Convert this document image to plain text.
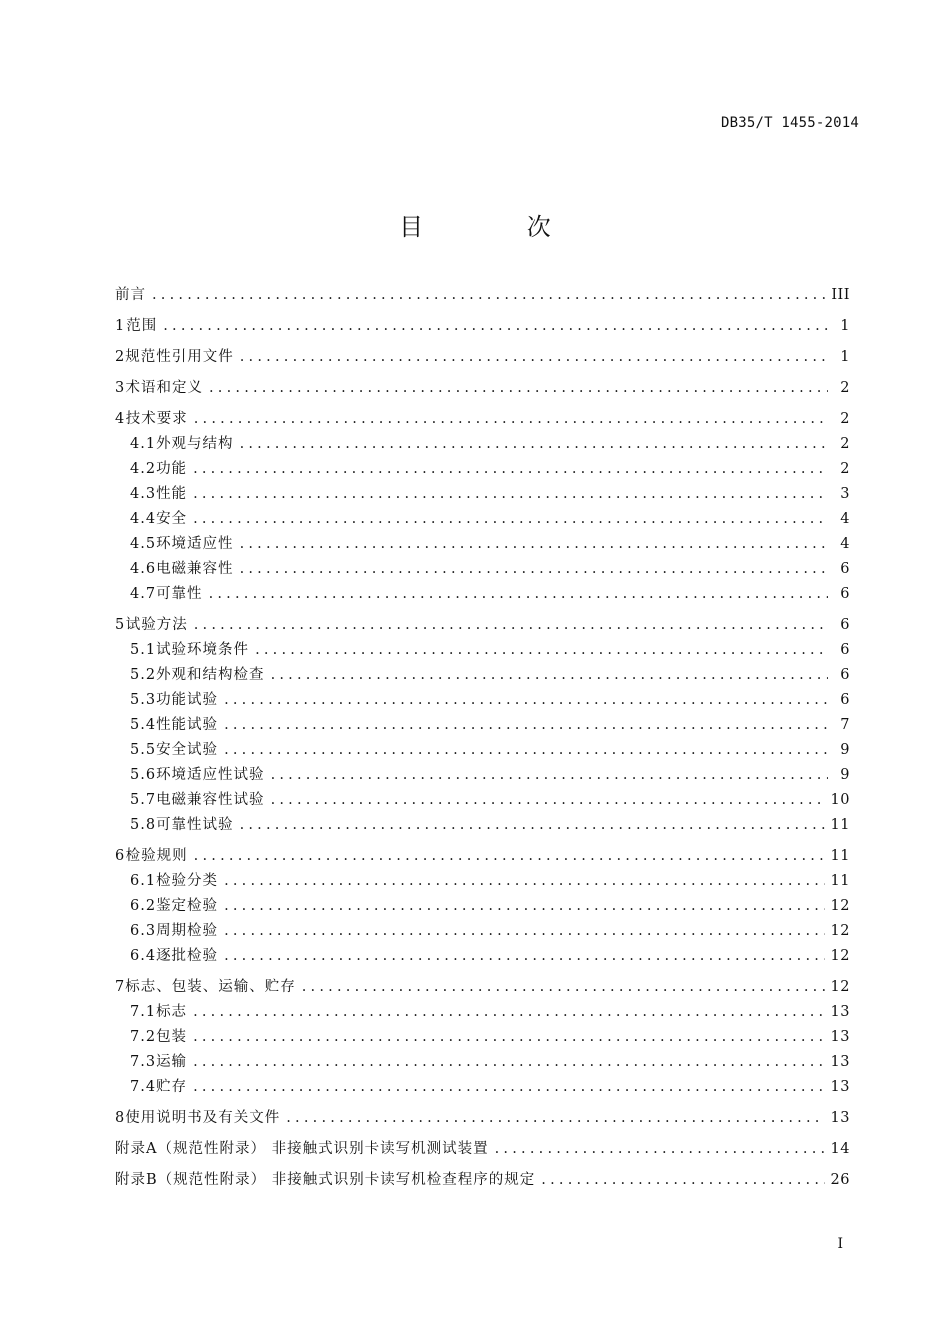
DB35/T 1455-2014
目 次
前言 .....	III
1 范围 .....	1
2 规范性引用文件 .....	1
3 术语和定义 .....	2
4 技术要求 .....	2
4.1 外观与结构 .....	2
4.2 功能 .....	2
4.3 性能 .....	3
4.4 安全 .....	4
4.5 环境适应性 .....	4
4.6 电磁兼容性 .....	6
4.7 可靠性 .....	6
5 试验方法 .....	6
5.1 试验环境条件 .....	6
5.2 外观和结构检查 .....	6
5.3 功能试验 .....	6
5.4 性能试验 .....	7
5.5 安全试验 .....	9
5.6 环境适应性试验 .....	9
5.7 电磁兼容性试验 .....	10
5.8 可靠性试验 .....	11
6 检验规则 .....	11
6.1 检验分类 .....	11
6.2 鉴定检验 .....	12
6.3 周期检验 .....	12
6.4 逐批检验 .....	12
7 标志、包装、运输、贮存 .....	12
7.1 标志 .....	13
7.2 包装 .....	13
7.3 运输 .....	13
7.4 贮存 .....	13
8 使用说明书及有关文件 .....	13
附录A（规范性附录） 非接触式识别卡读写机测试装置 .....	14
附录B（规范性附录） 非接触式识别卡读写机检查程序的规定 .....	26
I
